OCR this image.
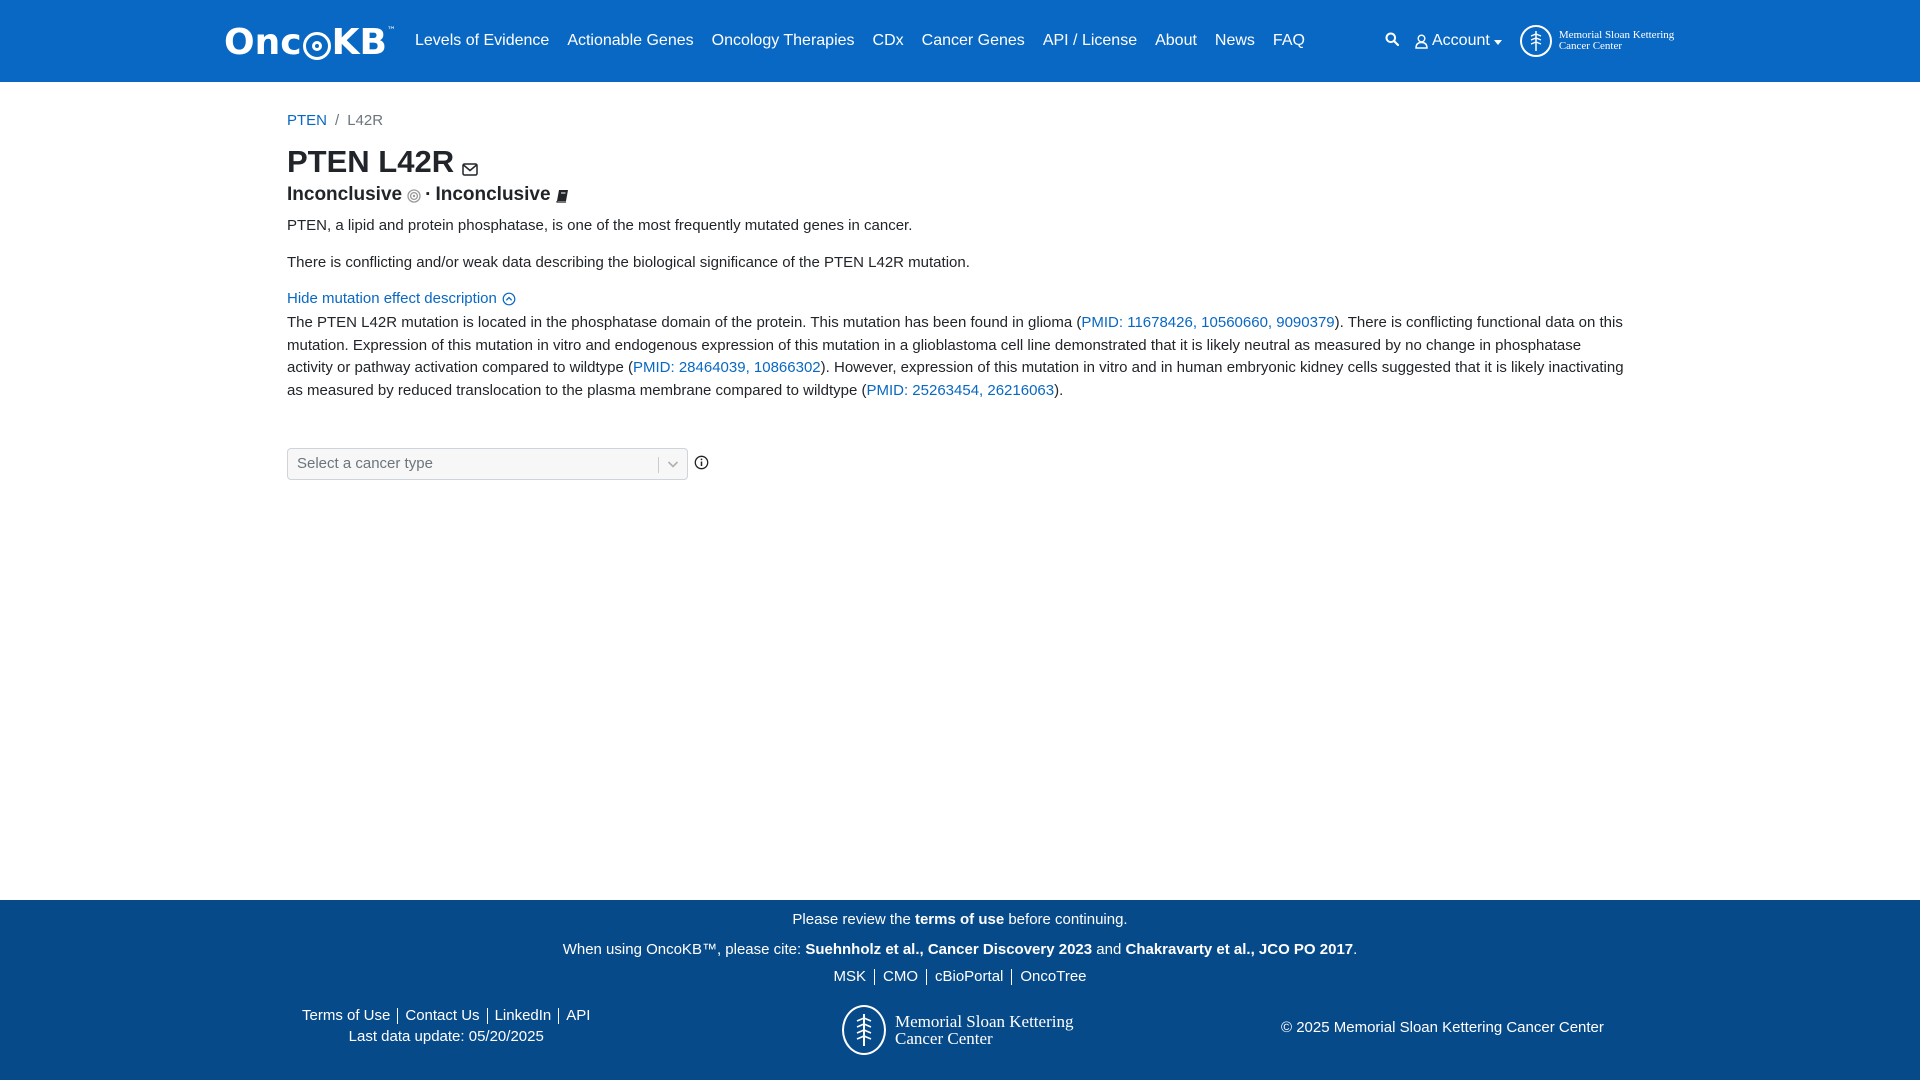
Onc KB ™
Levels of Evidence Actionable Genes Oncology Therapies CDx Cancer Genes API / License About News FAQ	Account	Memorial Sloan Kettering
Cancer Center
PTEN / L42R
PTEN L42R
Inconclusive · Inconclusive

PTEN, a lipid and protein phosphatase, is one of the most frequently mutated genes in cancer.

There is conflicting and/or weak data describing the biological significance of the PTEN L42R mutation.

Hide mutation effect description

The PTEN L42R mutation is located in the phosphatase domain of the protein. This mutation has been found in glioma (PMID: 11678426, 10560660, 9090379). There is conflicting functional data on this mutation. Expression of this mutation in vitro and endogenous expression of this mutation in a glioblastoma cell line demonstrated that it is likely neutral as measured by no change in phosphatase activity or pathway activation compared to wildtype (PMID: 28464039, 10866302). However, expression of this mutation in vitro and in human embryonic kidney cells suggested that it is likely inactivating as measured by reduced translocation to the plasma membrane compared to wildtype (PMID: 25263454, 26216063).

Select a cancer type
Please review the terms of use before continuing.
When using OncoKB™, please cite: Suehnholz et al., Cancer Discovery 2023 and Chakravarty et al., JCO PO 2017.
MSK CMO cBioPortal OncoTree
Terms of Use Contact Us LinkedIn API
Last data update: 05/20/2025
Memorial Sloan Kettering
Cancer Center
© 2025 Memorial Sloan Kettering Cancer Center
